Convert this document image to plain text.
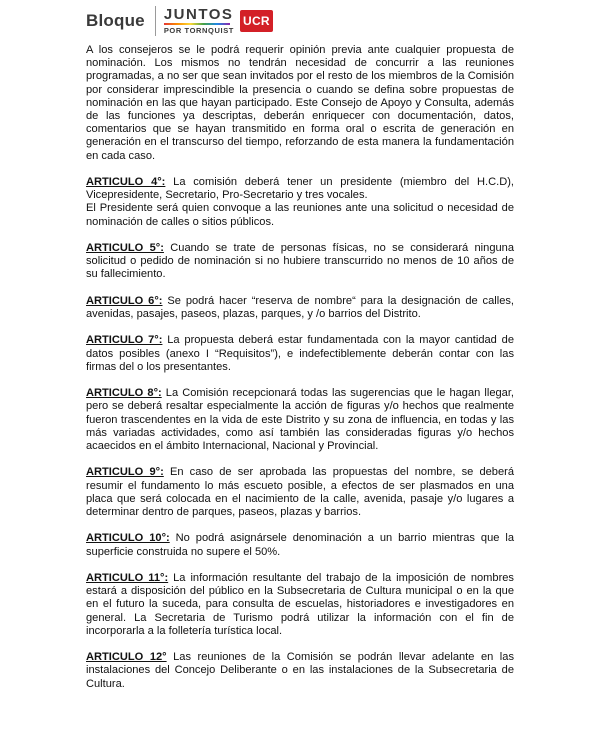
Bloque JUNTOS
POR TORNQUIST
UCR

A los consejeros se le podrá requerir opinión previa ante cualquier propuesta de nominación. Los mismos no tendrán necesidad de concurrir a las reuniones programadas, a no ser que sean invitados por el resto de los miembros de la Comisión por considerar imprescindible la presencia o cuando se defina sobre propuestas de nominación en las que hayan participado. Este Consejo de Apoyo y Consulta, además de las funciones ya descriptas, deberán enriquecer con documentación, datos, comentarios que se hayan transmitido en forma oral o escrita de generación en generación en el transcurso del tiempo, reforzando de esta manera la fundamentación en cada caso.

ARTICULO 4°: La comisión deberá tener un presidente (miembro del H.C.D), Vicepresidente, Secretario, Pro-Secretario y tres vocales.

El Presidente será quien convoque a las reuniones ante una solicitud o necesidad de nominación de calles o sitios públicos.

ARTICULO 5°: Cuando se trate de personas físicas, no se considerará ninguna solicitud o pedido de nominación si no hubiere transcurrido no menos de 10 años de su fallecimiento.

ARTICULO 6°: Se podrá hacer “reserva de nombre“ para la designación de calles, avenidas, pasajes, paseos, plazas, parques, y /o barrios del Distrito.

ARTICULO 7°: La propuesta deberá estar fundamentada con la mayor cantidad de datos posibles (anexo I “Requisitos”), e indefectiblemente deberán contar con las firmas del o los presentantes.

ARTICULO 8°: La Comisión recepcionará todas las sugerencias que le hagan llegar, pero se deberá resaltar especialmente la acción de figuras y/o hechos que realmente fueron trascendentes en la vida de este Distrito y su zona de influencia, en todas y las más variadas actividades, como así también las consideradas figuras y/o hechos acaecidos en el ámbito Internacional, Nacional y Provincial.

ARTICULO 9°: En caso de ser aprobada las propuestas del nombre, se deberá resumir el fundamento lo más escueto posible, a efectos de ser plasmados en una placa que será colocada en el nacimiento de la calle, avenida, pasaje y/o lugares a determinar dentro de parques, paseos, plazas y barrios.

ARTICULO 10°: No podrá asignársele denominación a un barrio mientras que la superficie construida no supere el 50%.

ARTICULO 11°: La información resultante del trabajo de la imposición de nombres estará a disposición del público en la Subsecretaria de Cultura municipal o en la que en el futuro la suceda, para consulta de escuelas, historiadores e investigadores en general. La Secretaria de Turismo podrá utilizar la información con el fin de incorporarla a la folletería turística local.

ARTICULO 12° Las reuniones de la Comisión se podrán llevar adelante en las instalaciones del Concejo Deliberante o en las instalaciones de la Subsecretaria de Cultura.
